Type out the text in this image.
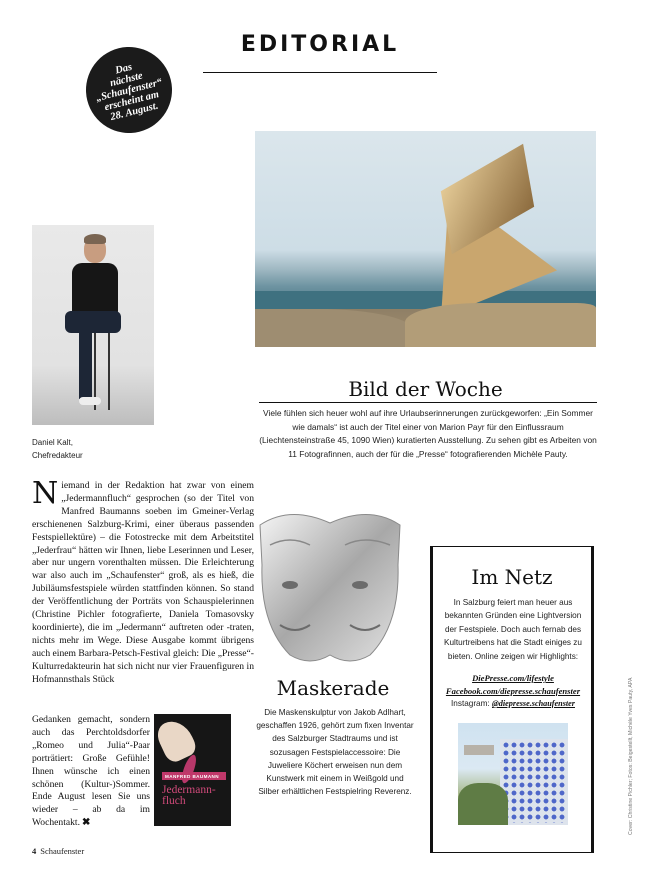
EDITORIAL
Das
nächste
„Schaufenster“
erscheint am
28. August.
Bild der Woche
Viele fühlen sich heuer wohl auf ihre Urlaubserinnerungen zurückgeworfen: „Ein Sommer wie damals“ ist auch der Titel einer von Marion Payr für den Einflussraum (Liechtensteinstraße 45, 1090 Wien) kuratierten Ausstellung. Zu sehen gibt es Arbeiten von 11 Fotografinnen, auch der für die „Presse“ fotografierenden Michèle Pauty.
Daniel Kalt,
Chefredakteur
Niemand in der Redaktion hat zwar von einem „Jedermannfluch“ gesprochen (so der Titel von Manfred Baumanns soeben im Gmeiner-Verlag erschienenen Salzburg-Krimi, einer überaus passenden Festspiellektüre) – die Fotostrecke mit dem Arbeitstitel „Jederfrau“ hätten wir Ihnen, liebe Leserinnen und Leser, aber nur ungern vorenthalten müssen. Die Erleichterung war also auch im „Schaufenster“ groß, als es hieß, die Jubiläumsfestspiele würden stattfinden können. So stand der Veröffentlichung der Porträts von Schauspielerinnen (Christine Pichler fotografierte, Daniela Tomasovsky koordinierte), die im „Jedermann“ auftreten oder -traten, nichts mehr im Wege. Diese Ausgabe kommt übrigens auch einem Barbara-Petsch-Festival gleich: Die „Presse“-Kulturredakteurin hat sich nicht nur vier Frauenfiguren in Hofmannsthals Stück
Gedanken gemacht, sondern auch das Perchtoldsdorfer „Romeo und Julia“-Paar porträtiert: Große Gefühle! Ihnen wünsche ich einen schönen (Kultur-)Sommer. Ende August lesen Sie uns wieder – ab da im Wochentakt. ✖
MANFRED BAUMANN
Jedermann-fluch
Maskerade
Die Maskenskulptur von Jakob Adlhart, geschaffen 1926, gehört zum fixen Inventar des Salzburger Stadtraums und ist sozusagen Festspielaccessoire: Die Juweliere Köchert erweisen nun dem Kunstwerk mit einem in Weißgold und Silber erhältlichen Festspielring Reverenz.
Im Netz
In Salzburg feiert man heuer aus bekannten Gründen eine Lightversion der Festspiele. Doch auch fernab des Kulturtreibens hat die Stadt einiges zu bieten. Online zeigen wir Highlights:
DiePresse.com/lifestyle
Facebook.com/diepresse.schaufenster
Instagram: @diepresse.schaufenster
4 Schaufenster
Cover: Christine Pichler; Fotos: Beigestellt, Michèle Yves Pauty, APA
